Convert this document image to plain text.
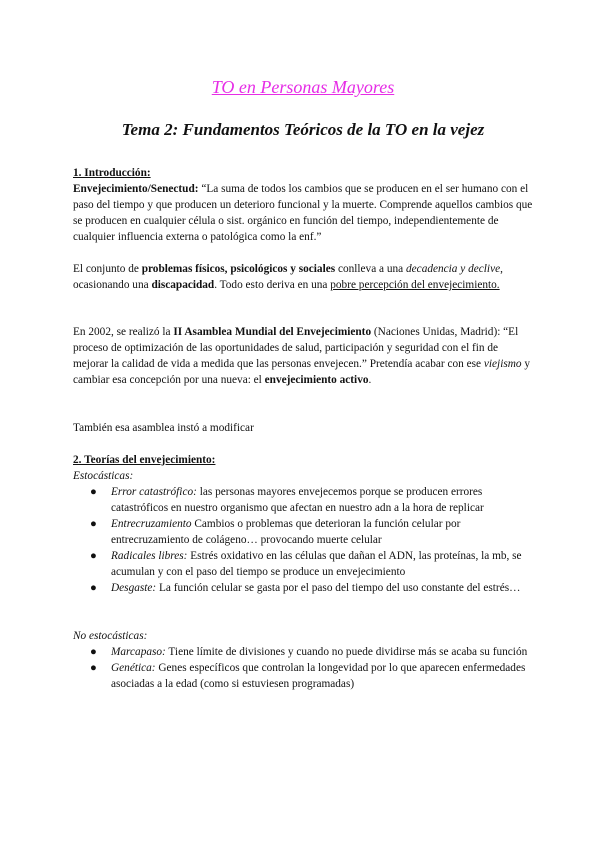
TO en Personas Mayores
Tema 2: Fundamentos Teóricos de la TO en la vejez
1. Introducción:
Envejecimiento/Senectud: “La suma de todos los cambios que se producen en el ser humano con el paso del tiempo y que producen un deterioro funcional y la muerte. Comprende aquellos cambios que se producen en cualquier célula o sist. orgánico en función del tiempo, independientemente de cualquier influencia externa o patológica como la enf.”
El conjunto de problemas físicos, psicológicos y sociales conlleva a una decadencia y declive, ocasionando una discapacidad. Todo esto deriva en una pobre percepción del envejecimiento.
En 2002, se realizó la II Asamblea Mundial del Envejecimiento (Naciones Unidas, Madrid): “El proceso de optimización de las oportunidades de salud, participación y seguridad con el fin de mejorar la calidad de vida a medida que las personas envejecen.” Pretendía acabar con ese viejismo y cambiar esa concepción por una nueva: el envejecimiento activo.
También esa asamblea instó a modificar
2. Teorías del envejecimiento:
Estocásticas:
● Error catastrófico: las personas mayores envejecemos porque se producen errores catastróficos en nuestro organismo que afectan en nuestro adn a la hora de replicar
● Entrecruzamiento Cambios o problemas que deterioran la función celular por entrecruzamiento de colágeno… provocando muerte celular
● Radicales libres: Estrés oxidativo en las células que dañan el ADN, las proteínas, la mb, se acumulan y con el paso del tiempo se produce un envejecimiento
● Desgaste: La función celular se gasta por el paso del tiempo del uso constante del estrés…
No estocásticas:
● Marcapaso: Tiene límite de divisiones y cuando no puede dividirse más se acaba su función
● Genética: Genes específicos que controlan la longevidad por lo que aparecen enfermedades asociadas a la edad (como si estuviesen programadas)
